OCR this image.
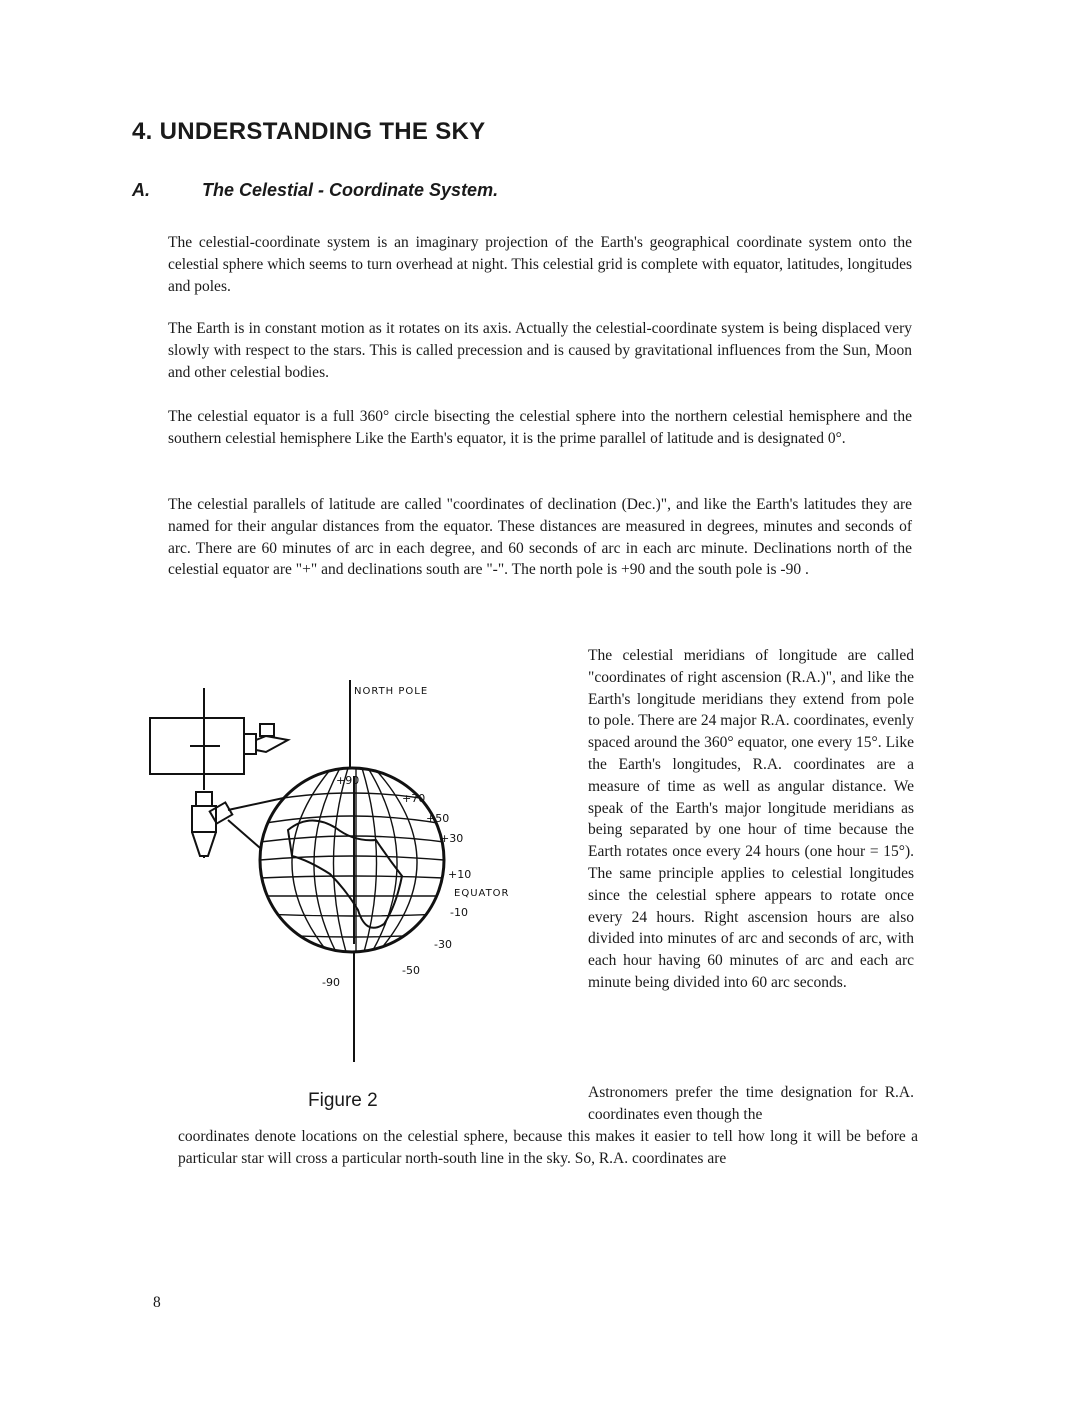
4. UNDERSTANDING THE SKY
A.	The Celestial - Coordinate System.

The celestial-coordinate system is an imaginary projection of the Earth's geographical coordinate system onto the celestial sphere which seems to turn overhead at night. This celestial grid is complete with equator, latitudes, longitudes and poles.

The Earth is in constant motion as it rotates on its axis. Actually the celestial-coordinate system is being displaced very slowly with respect to the stars. This is called precession and is caused by gravitational influences from the Sun, Moon and other celestial bodies.

The celestial equator is a full 360° circle bisecting the celestial sphere into the northern celestial hemisphere and the southern celestial hemisphere Like the Earth's equator, it is the prime parallel of latitude and is designated 0°.

The celestial parallels of latitude are called "coordinates of declination (Dec.)", and like the Earth's latitudes they are named for their angular distances from the equator. These distances are measured in degrees, minutes and seconds of arc. There are 60 minutes of arc in each degree, and 60 seconds of arc in each arc minute. Declinations north of the celestial equator are "+" and declinations south are "-". The north pole is +90 and the south pole is -90 .

NORTH POLE
EQUATOR
+90
+70
+50
+30
+10
-10
-30
-50
-90

Figure 2

The celestial meridians of longitude are called "coordinates of right ascension (R.A.)", and like the Earth's longitude meridians they extend from pole to pole. There are 24 major R.A. coordinates, evenly spaced around the 360° equator, one every 15°. Like the Earth's longitudes, R.A. coordinates are a measure of time as well as angular distance. We speak of the Earth's major longitude meridians as being separated by one hour of time because the Earth rotates once every 24 hours (one hour = 15°). The same principle applies to celestial longitudes since the celestial sphere appears to rotate once every 24 hours. Right ascension hours are also divided into minutes of arc and seconds of arc, with each hour having 60 minutes of arc and each arc minute being divided into 60 arc seconds.

Astronomers prefer the time designation for R.A. coordinates even though the

coordinates denote locations on the celestial sphere, because this makes it easier to tell how long it will be before a particular star will cross a particular north-south line in the sky. So, R.A. coordinates are

8
